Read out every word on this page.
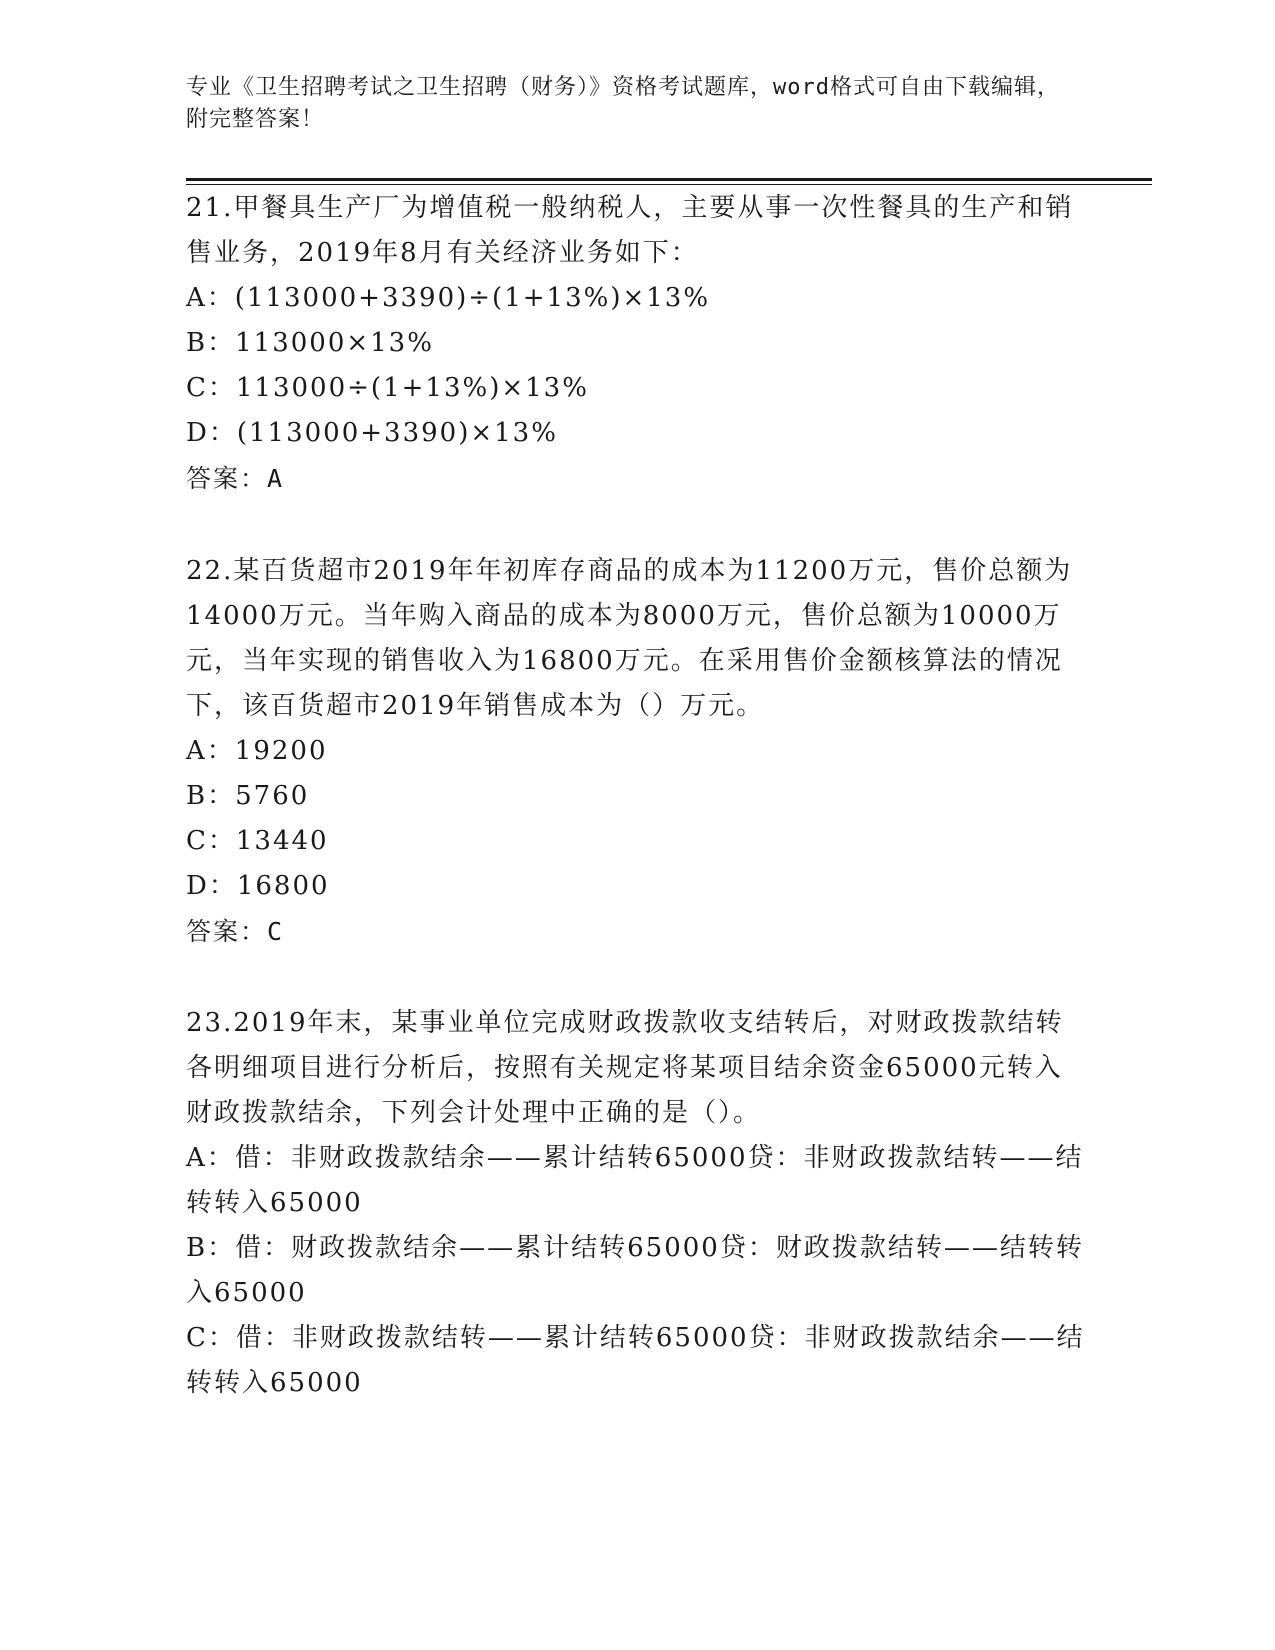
专业《卫生招聘考试之卫生招聘（财务）》资格考试题库，word格式可自由下载编辑，附完整答案！
21.甲餐具生产厂为增值税一般纳税人，主要从事一次性餐具的生产和销售业务，2019年8月有关经济业务如下：
A：(113000+3390)÷(1+13%)×13%
B：113000×13%
C：113000÷(1+13%)×13%
D：(113000+3390)×13%
答案：A
22.某百货超市2019年年初库存商品的成本为11200万元，售价总额为14000万元。当年购入商品的成本为8000万元，售价总额为10000万元，当年实现的销售收入为16800万元。在采用售价金额核算法的情况下，该百货超市2019年销售成本为（）万元。
A：19200
B：5760
C：13440
D：16800
答案：C
23.2019年末，某事业单位完成财政拨款收支结转后，对财政拨款结转各明细项目进行分析后，按照有关规定将某项目结余资金65000元转入财政拨款结余，下列会计处理中正确的是（）。
A：借：非财政拨款结余——累计结转65000贷：非财政拨款结转——结转转入65000
B：借：财政拨款结余——累计结转65000贷：财政拨款结转——结转转入65000
C：借：非财政拨款结转——累计结转65000贷：非财政拨款结余——结转转入65000
